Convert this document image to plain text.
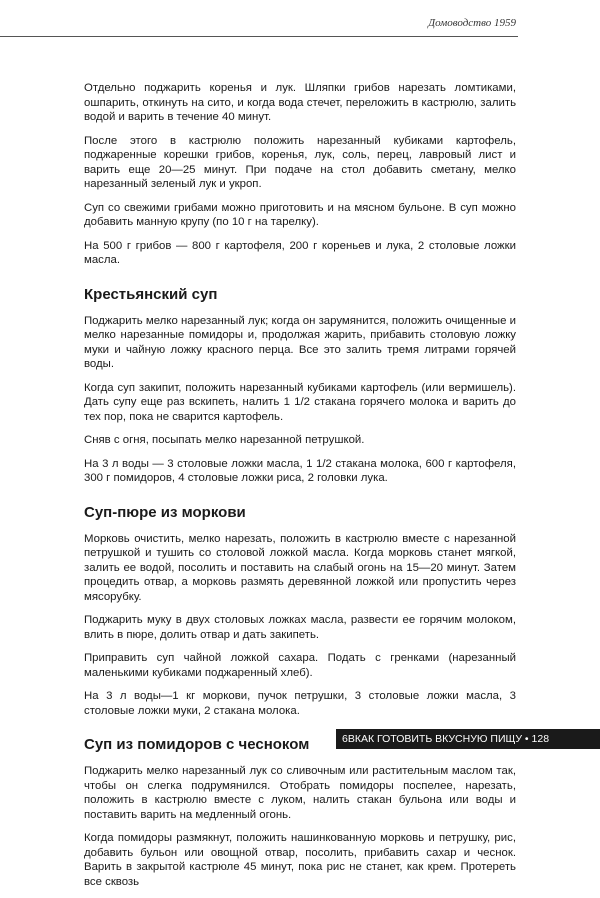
Домоводство 1959

Отдельно поджарить коренья и лук. Шляпки грибов нарезать ломтиками, ошпарить, откинуть на сито, и когда вода стечет, переложить в кастрюлю, залить водой и варить в течение 40 минут.

После этого в кастрюлю положить нарезанный кубиками картофель, поджаренные корешки грибов, коренья, лук, соль, перец, лавровый лист и варить еще 20—25 минут. При подаче на стол добавить сметану, мелко нарезанный зеленый лук и укроп.

Суп со свежими грибами можно приготовить и на мясном бульоне. В суп можно добавить манную крупу (по 10 г на тарелку).

На 500 г грибов — 800 г картофеля, 200 г кореньев и лука, 2 столовые ложки масла.

Крестьянский суп

Поджарить мелко нарезанный лук; когда он зарумянится, положить очищенные и мелко нарезанные помидоры и, продолжая жарить, прибавить столовую ложку муки и чайную ложку красного перца. Все это залить тремя литрами горячей воды.

Когда суп закипит, положить нарезанный кубиками картофель (или вермишель). Дать супу еще раз вскипеть, налить 1 1/2 стакана горячего молока и варить до тех пор, пока не сварится картофель.

Сняв с огня, посыпать мелко нарезанной петрушкой.

На 3 л воды — 3 столовые ложки масла, 1 1/2 стакана молока, 600 г картофеля, 300 г помидоров, 4 столовые ложки риса, 2 головки лука.

Суп-пюре из моркови

Морковь очистить, мелко нарезать, положить в кастрюлю вместе с нарезанной петрушкой и тушить со столовой ложкой масла. Когда морковь станет мягкой, залить ее водой, посолить и поставить на слабый огонь на 15—20 минут. Затем процедить отвар, а морковь размять деревянной ложкой или пропустить через мясорубку.

Поджарить муку в двух столовых ложках масла, развести ее горячим молоком, влить в пюре, долить отвар и дать закипеть.

Приправить суп чайной ложкой сахара. Подать с гренками (нарезанный маленькими кубиками поджаренный хлеб).

На 3 л воды—1 кг моркови, пучок петрушки, 3 столовые ложки масла, 3 столовые ложки муки, 2 стакана молока.

Суп из помидоров с чесноком

Поджарить мелко нарезанный лук со сливочным или растительным маслом так, чтобы он слегка подрумянился. Отобрать помидоры поспелее, нарезать, положить в кастрюлю вместе с луком, налить стакан бульона или воды и поставить варить на медленный огонь.

Когда помидоры размякнут, положить нашинкованную морковь и петрушку, рис, добавить бульон или овощной отвар, посолить, прибавить сахар и чеснок. Варить в закрытой кастрюле 45 минут, пока рис не станет, как крем. Протереть все сквозь

6ВКАК ГОТОВИТЬ ВКУСНУЮ ПИЩУ • 128
